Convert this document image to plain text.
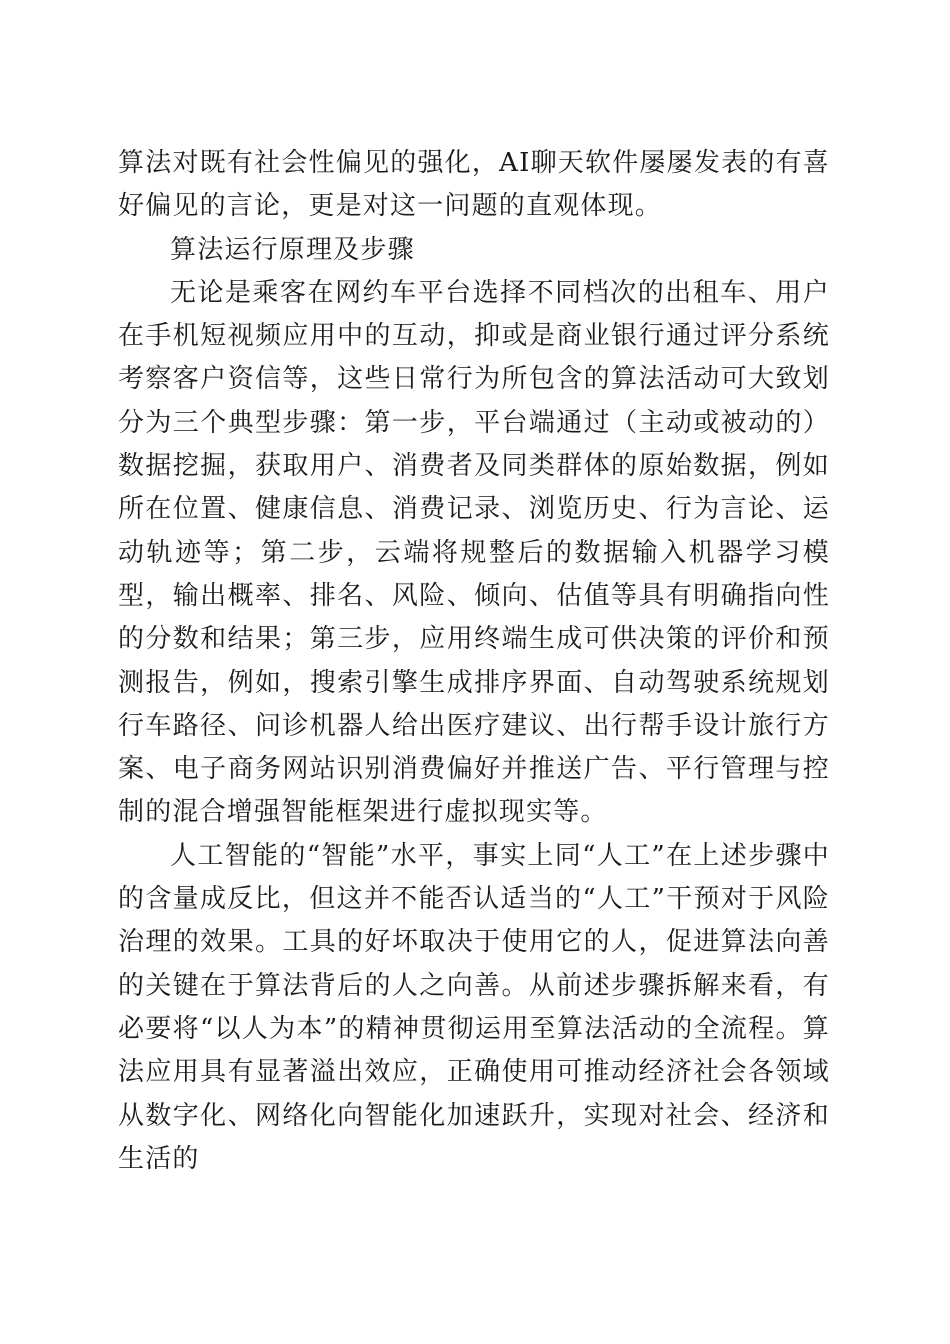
算法对既有社会性偏见的强化，AI聊天软件屡屡发表的有喜好偏见的言论，更是对这一问题的直观体现。

算法运行原理及步骤

无论是乘客在网约车平台选择不同档次的出租车、用户在手机短视频应用中的互动，抑或是商业银行通过评分系统考察客户资信等，这些日常行为所包含的算法活动可大致划分为三个典型步骤：第一步，平台端通过（主动或被动的）数据挖掘，获取用户、消费者及同类群体的原始数据，例如所在位置、健康信息、消费记录、浏览历史、行为言论、运动轨迹等；第二步，云端将规整后的数据输入机器学习模型，输出概率、排名、风险、倾向、估值等具有明确指向性的分数和结果；第三步，应用终端生成可供决策的评价和预测报告，例如，搜索引擎生成排序界面、自动驾驶系统规划行车路径、问诊机器人给出医疗建议、出行帮手设计旅行方案、电子商务网站识别消费偏好并推送广告、平行管理与控制的混合增强智能框架进行虚拟现实等。

人工智能的“智能”水平，事实上同“人工”在上述步骤中的含量成反比，但这并不能否认适当的“人工”干预对于风险治理的效果。工具的好坏取决于使用它的人，促进算法向善的关键在于算法背后的人之向善。从前述步骤拆解来看，有必要将“以人为本”的精神贯彻运用至算法活动的全流程。算法应用具有显著溢出效应，正确使用可推动经济社会各领域从数字化、网络化向智能化加速跃升，实现对社会、经济和生活的
